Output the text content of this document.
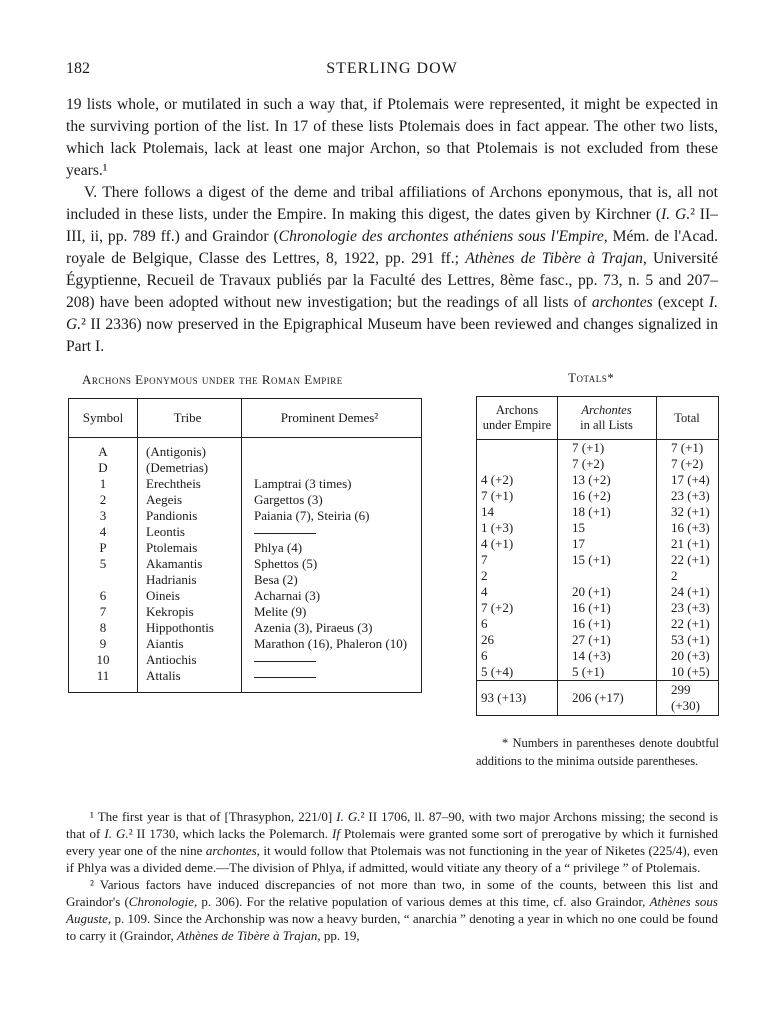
182	STERLING DOW

19 lists whole, or mutilated in such a way that, if Ptolemais were represented, it might be expected in the surviving portion of the list. In 17 of these lists Ptolemais does in fact appear. The other two lists, which lack Ptolemais, lack at least one major Archon, so that Ptolemais is not excluded from these years.¹

V. There follows a digest of the deme and tribal affiliations of Archons eponymous, that is, all not included in these lists, under the Empire. In making this digest, the dates given by Kirchner (I. G.² II–III, ii, pp. 789 ff.) and Graindor (Chronologie des archontes athéniens sous l'Empire, Mém. de l'Acad. royale de Belgique, Classe des Lettres, 8, 1922, pp. 291 ff.; Athènes de Tibère à Trajan, Université Égyptienne, Recueil de Travaux publiés par la Faculté des Lettres, 8ème fasc., pp. 73, n. 5 and 207–208) have been adopted without new investigation; but the readings of all lists of archontes (except I. G.² II 2336) now preserved in the Epigraphical Museum have been reviewed and changes signalized in Part I.

Archons Eponymous under the Roman Empire	Totals*
Symbol	Tribe	Prominent Demes²
A	(Antigonis)	
D	(Demetrias)	
1	Erechtheis	Lamptrai (3 times)
2	Aegeis	Gargettos (3)
3	Pandionis	Paiania (7), Steiria (6)
4	Leontis	
P	Ptolemais	Phlya (4)
5	Akamantis	Sphettos (5)
	Hadrianis	Besa (2)
6	Oineis	Acharnai (3)
7	Kekropis	Melite (9)
8	Hippothontis	Azenia (3), Piraeus (3)
9	Aiantis	Marathon (16), Phaleron (10)
10	Antiochis	
11	Attalis	
Archons
under Empire	Archontes
in all Lists	Total
	7 (+1)	7 (+1)
	7 (+2)	7 (+2)
4 (+2)	13 (+2)	17 (+4)
7 (+1)	16 (+2)	23 (+3)
14	18 (+1)	32 (+1)
1 (+3)	15	16 (+3)
4 (+1)	17	21 (+1)
7	15 (+1)	22 (+1)
2		2
4	20 (+1)	24 (+1)
7 (+2)	16 (+1)	23 (+3)
6	16 (+1)	22 (+1)
26	27 (+1)	53 (+1)
6	14 (+3)	20 (+3)
5 (+4)	5 (+1)	10 (+5)
93 (+13)	206 (+17)	299 (+30)
* Numbers in parentheses denote doubtful additions to the minima outside parentheses.

¹ The first year is that of [Thrasyphon, 221/0] I. G.² II 1706, ll. 87–90, with two major Archons missing; the second is that of I. G.² II 1730, which lacks the Polemarch. If Ptolemais were granted some sort of prerogative by which it furnished every year one of the nine archontes, it would follow that Ptolemais was not functioning in the year of Niketes (225/4), even if Phlya was a divided deme.—The division of Phlya, if admitted, would vitiate any theory of a “ privilege ” of Ptolemais.

² Various factors have induced discrepancies of not more than two, in some of the counts, between this list and Graindor's (Chronologie, p. 306). For the relative population of various demes at this time, cf. also Graindor, Athènes sous Auguste, p. 109. Since the Archonship was now a heavy burden, “ anarchia ” denoting a year in which no one could be found to carry it (Graindor, Athènes de Tibère à Trajan, pp. 19,
